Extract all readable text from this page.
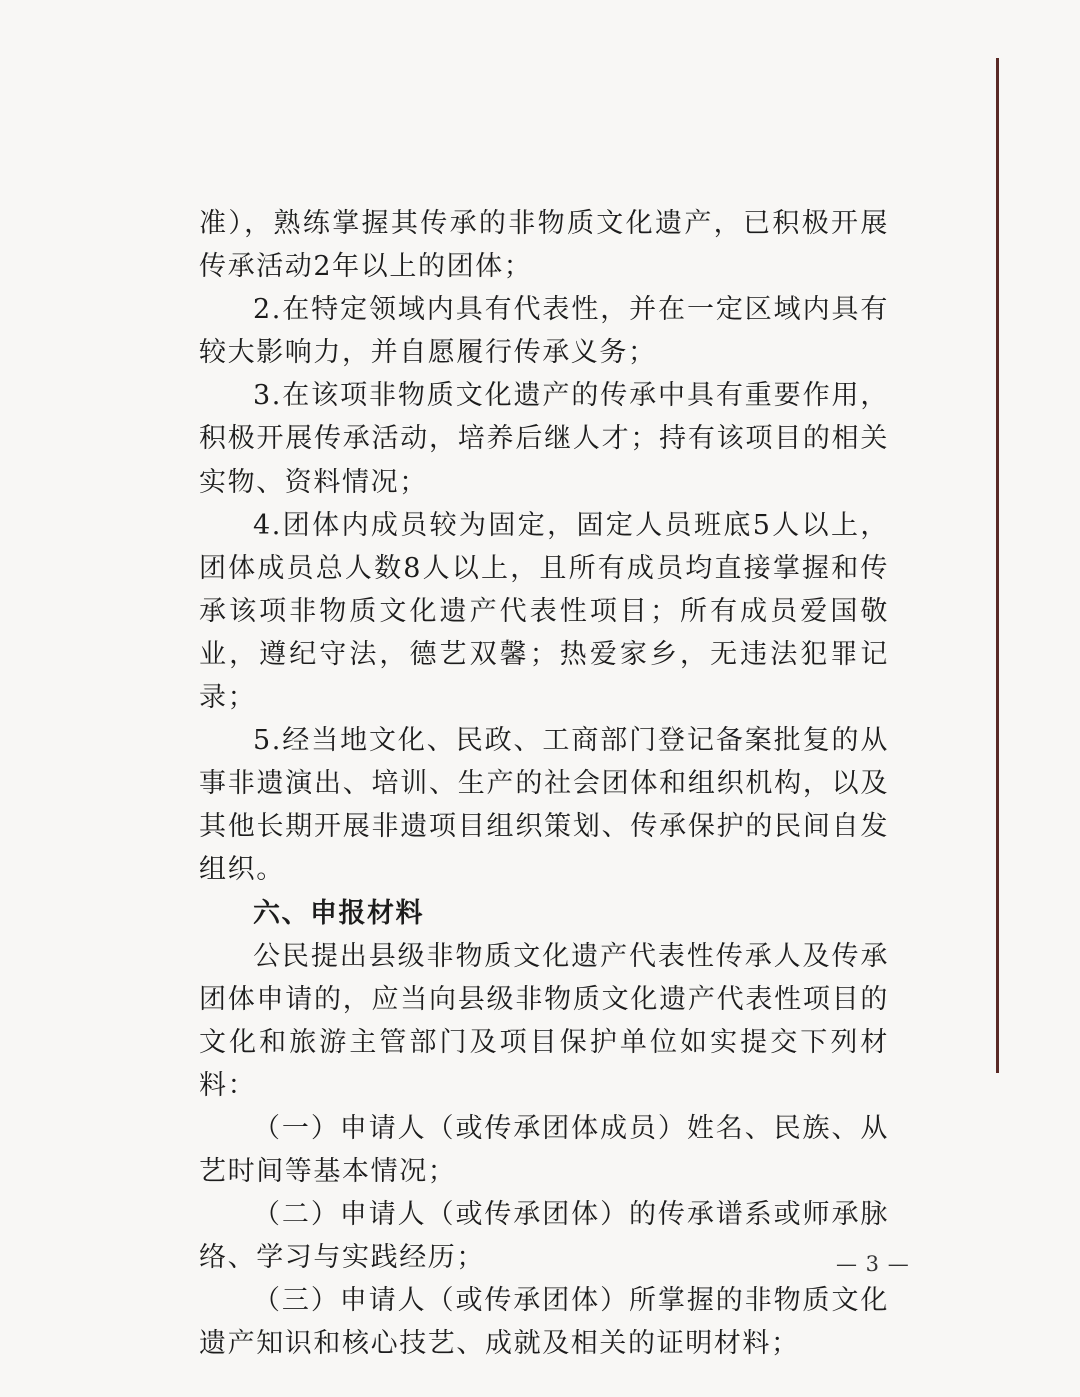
准），熟练掌握其传承的非物质文化遗产，已积极开展传承活动2年以上的团体；

2.在特定领域内具有代表性，并在一定区域内具有较大影响力，并自愿履行传承义务；

3.在该项非物质文化遗产的传承中具有重要作用，积极开展传承活动，培养后继人才；持有该项目的相关实物、资料情况；

4.团体内成员较为固定，固定人员班底5人以上，团体成员总人数8人以上，且所有成员均直接掌握和传承该项非物质文化遗产代表性项目；所有成员爱国敬业，遵纪守法，德艺双馨；热爱家乡，无违法犯罪记录；

5.经当地文化、民政、工商部门登记备案批复的从事非遗演出、培训、生产的社会团体和组织机构，以及其他长期开展非遗项目组织策划、传承保护的民间自发组织。

六、申报材料

公民提出县级非物质文化遗产代表性传承人及传承团体申请的，应当向县级非物质文化遗产代表性项目的文化和旅游主管部门及项目保护单位如实提交下列材料：

（一）申请人（或传承团体成员）姓名、民族、从艺时间等基本情况；

（二）申请人（或传承团体）的传承谱系或师承脉络、学习与实践经历；

（三）申请人（或传承团体）所掌握的非物质文化遗产知识和核心技艺、成就及相关的证明材料；

— 3 —
